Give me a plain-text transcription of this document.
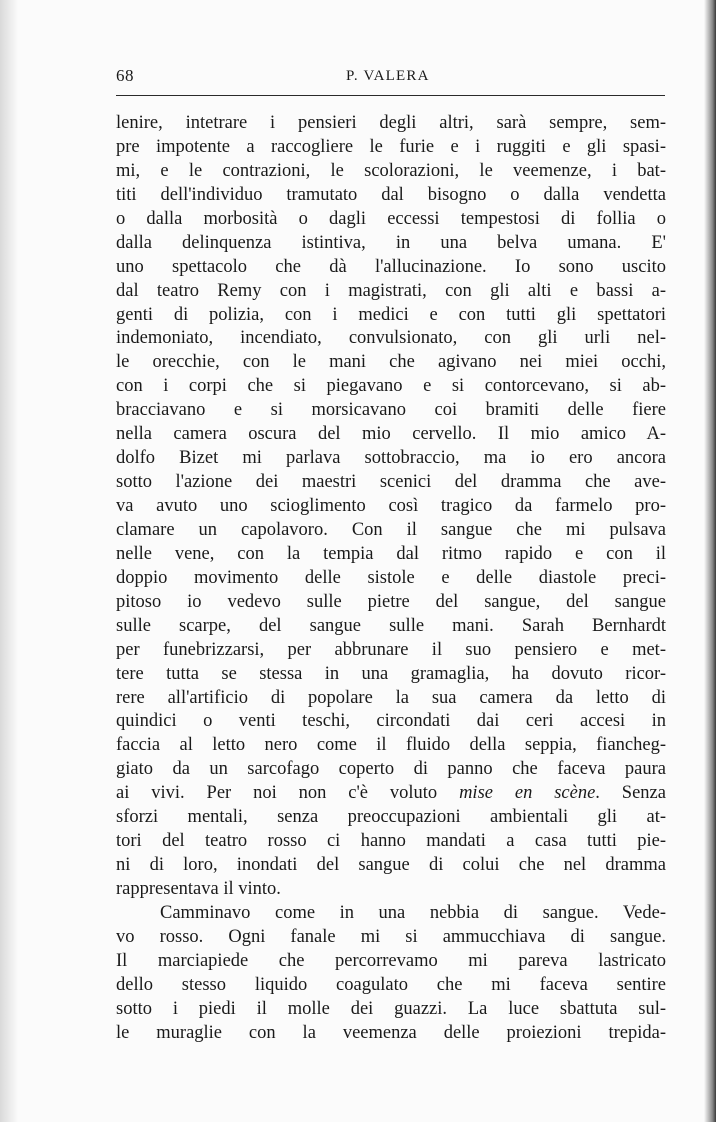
68	P. VALERA
lenire, intetrare i pensieri degli altri, sarà sempre, sem-
pre impotente a raccogliere le furie e i ruggiti e gli spasi-
mi, e le contrazioni, le scolorazioni, le veemenze, i bat-
titi dell'individuo tramutato dal bisogno o dalla vendetta
o dalla morbosità o dagli eccessi tempestosi di follia o
dalla delinquenza istintiva, in una belva umana. E'
uno spettacolo che dà l'allucinazione. Io sono uscito
dal teatro Remy con i magistrati, con gli alti e bassi a-
genti di polizia, con i medici e con tutti gli spettatori
indemoniato, incendiato, convulsionato, con gli urli nel-
le orecchie, con le mani che agivano nei miei occhi,
con i corpi che si piegavano e si contorcevano, si ab-
bracciavano e si morsicavano coi bramiti delle fiere
nella camera oscura del mio cervello. Il mio amico A-
dolfo Bizet mi parlava sottobraccio, ma io ero ancora
sotto l'azione dei maestri scenici del dramma che ave-
va avuto uno scioglimento così tragico da farmelo pro-
clamare un capolavoro. Con il sangue che mi pulsava
nelle vene, con la tempia dal ritmo rapido e con il
doppio movimento delle sistole e delle diastole preci-
pitoso io vedevo sulle pietre del sangue, del sangue
sulle scarpe, del sangue sulle mani. Sarah Bernhardt
per funebrizzarsi, per abbrunare il suo pensiero e met-
tere tutta se stessa in una gramaglia, ha dovuto ricor-
rere all'artificio di popolare la sua camera da letto di
quindici o venti teschi, circondati dai ceri accesi in
faccia al letto nero come il fluido della seppia, fiancheg-
giato da un sarcofago coperto di panno che faceva paura
ai vivi. Per noi non c'è voluto mise en scène. Senza
sforzi mentali, senza preoccupazioni ambientali gli at-
tori del teatro rosso ci hanno mandati a casa tutti pie-
ni di loro, inondati del sangue di colui che nel dramma
rappresentava il vinto.
Camminavo come in una nebbia di sangue. Vede-
vo rosso. Ogni fanale mi si ammucchiava di sangue.
Il marciapiede che percorrevamo mi pareva lastricato
dello stesso liquido coagulato che mi faceva sentire
sotto i piedi il molle dei guazzi. La luce sbattuta sul-
le muraglie con la veemenza delle proiezioni trepida-
